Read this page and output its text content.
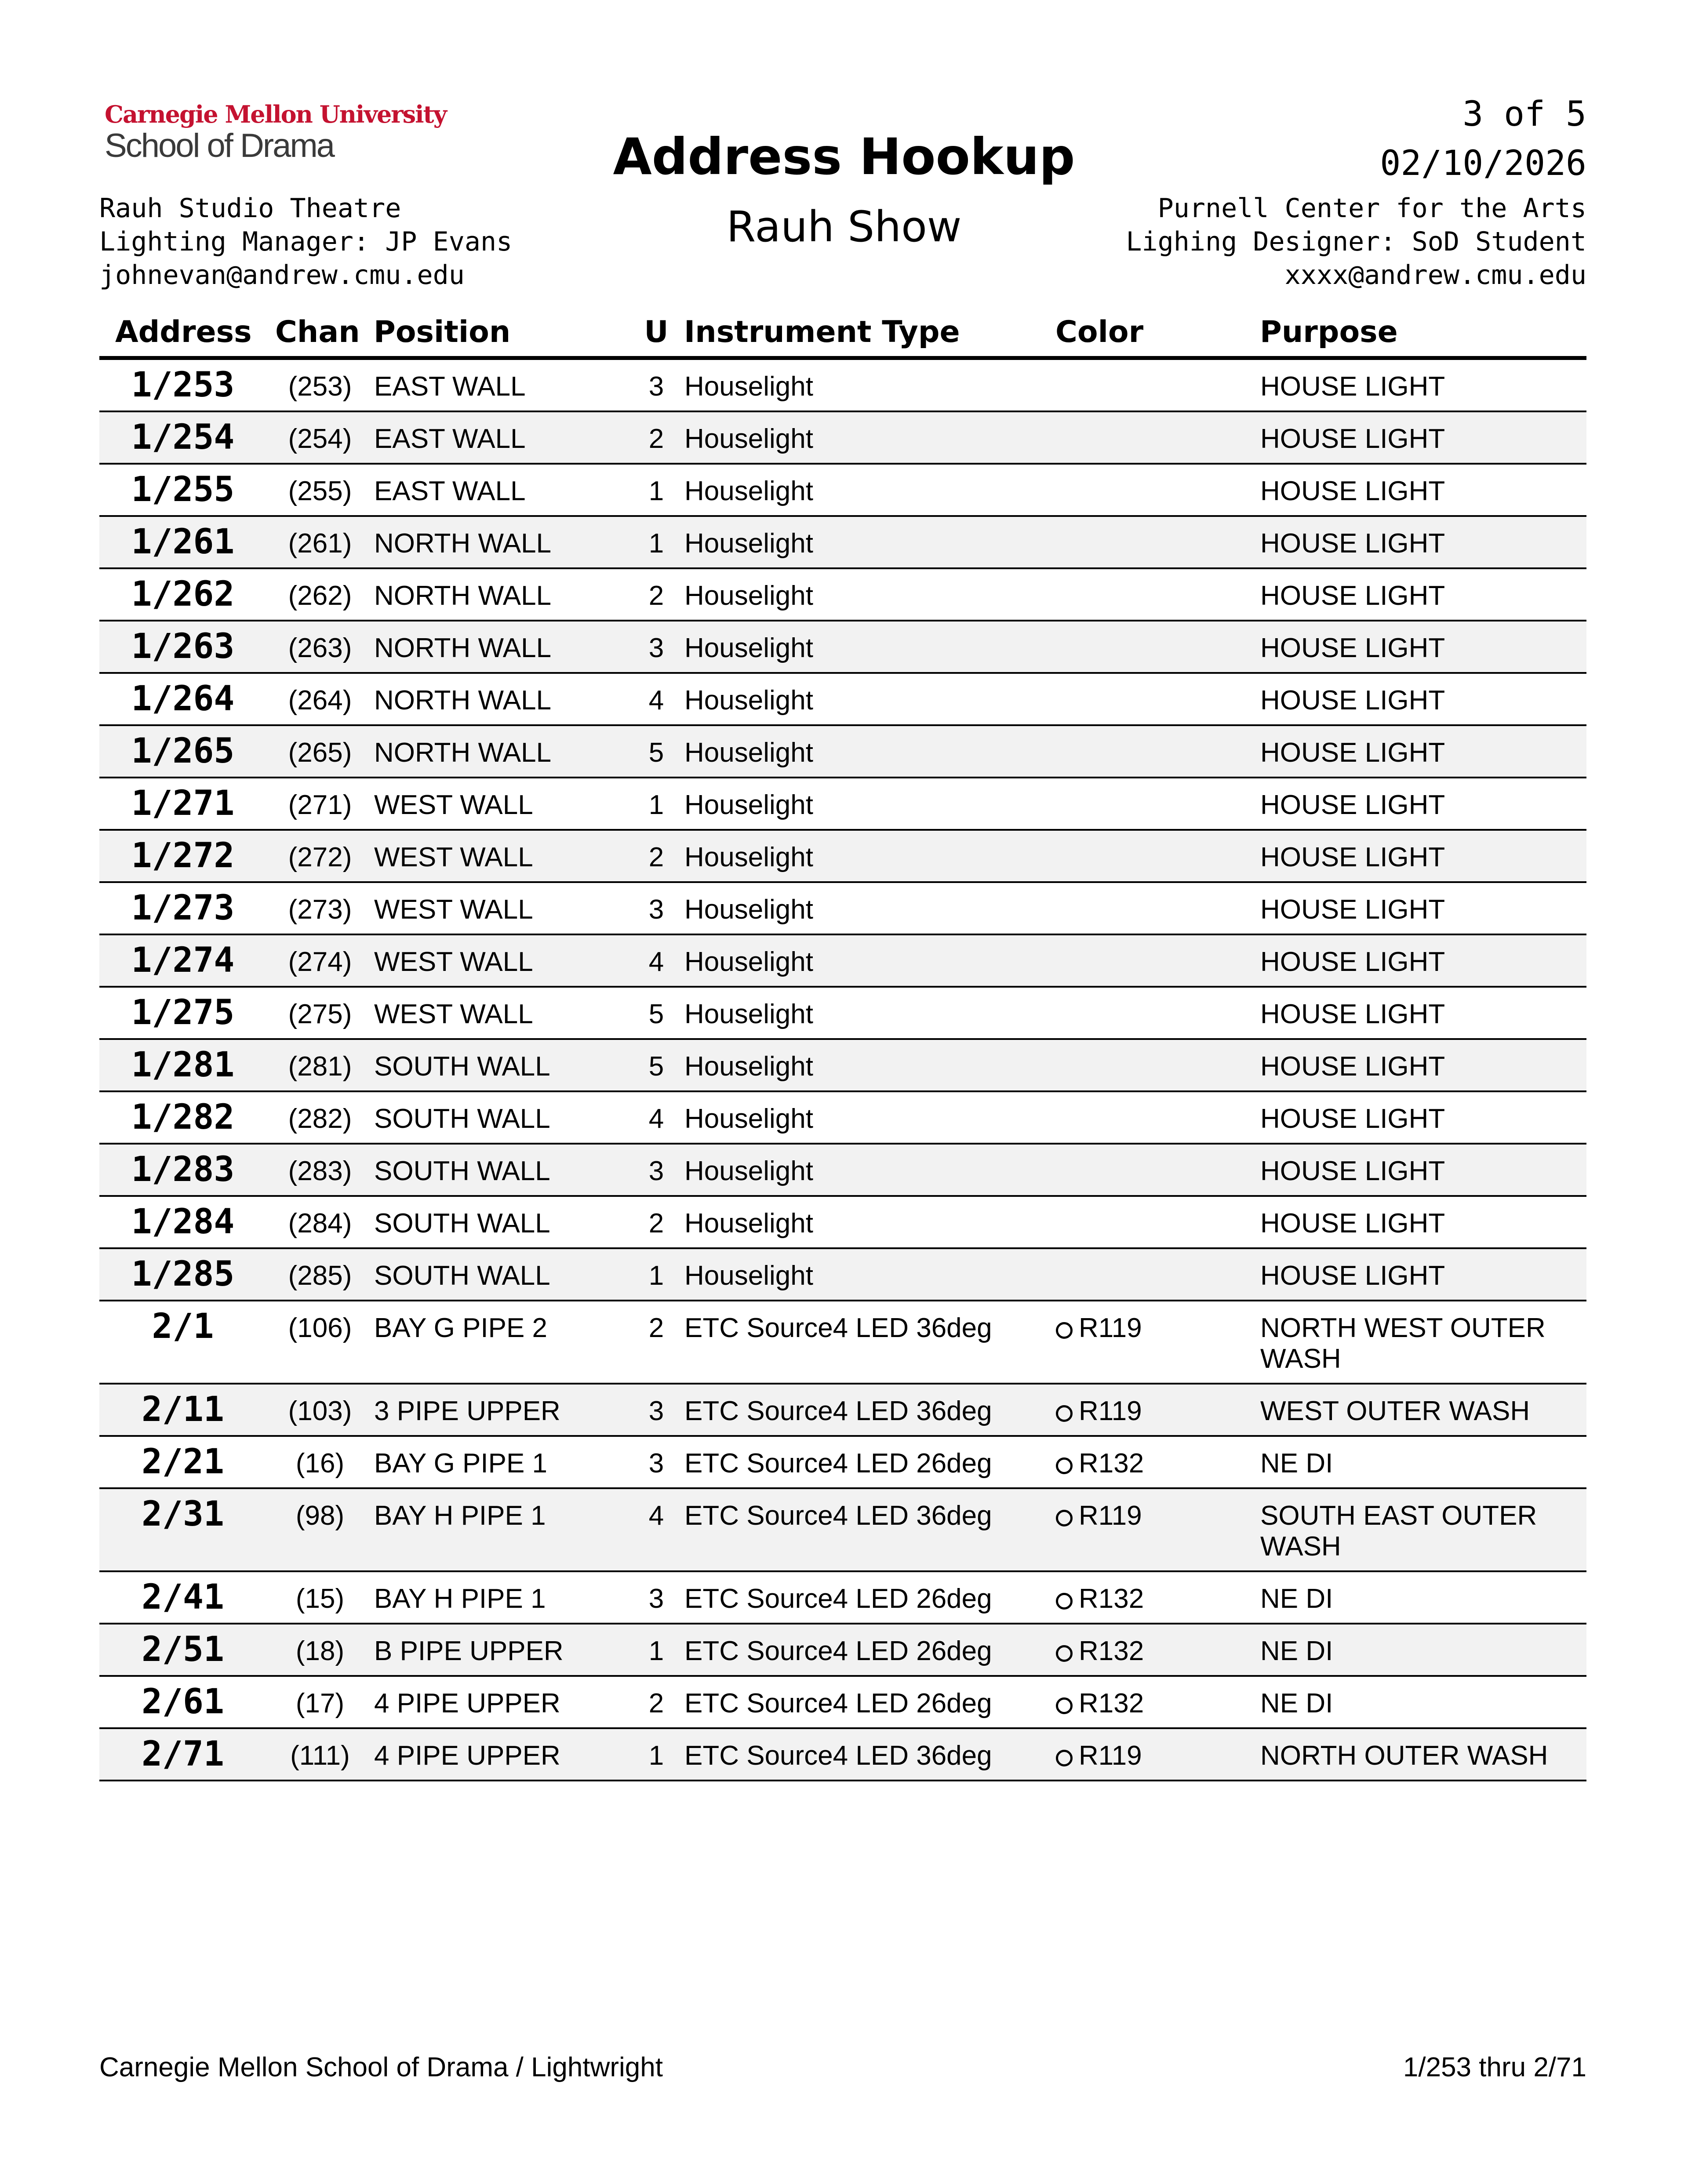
Carnegie Mellon University
School of Drama
Rauh Studio Theatre
Lighting Manager: JP Evans
johnevan@andrew.cmu.edu
Address Hookup
Rauh Show
3 of 5
02/10/2026
Purnell Center for the Arts
Lighing Designer: SoD Student
xxxx@andrew.cmu.edu
Address	Chan	Position	U	Instrument Type	Color	Purpose
1/253	(253)	EAST WALL	3	Houselight		HOUSE LIGHT
1/254	(254)	EAST WALL	2	Houselight		HOUSE LIGHT
1/255	(255)	EAST WALL	1	Houselight		HOUSE LIGHT
1/261	(261)	NORTH WALL	1	Houselight		HOUSE LIGHT
1/262	(262)	NORTH WALL	2	Houselight		HOUSE LIGHT
1/263	(263)	NORTH WALL	3	Houselight		HOUSE LIGHT
1/264	(264)	NORTH WALL	4	Houselight		HOUSE LIGHT
1/265	(265)	NORTH WALL	5	Houselight		HOUSE LIGHT
1/271	(271)	WEST WALL	1	Houselight		HOUSE LIGHT
1/272	(272)	WEST WALL	2	Houselight		HOUSE LIGHT
1/273	(273)	WEST WALL	3	Houselight		HOUSE LIGHT
1/274	(274)	WEST WALL	4	Houselight		HOUSE LIGHT
1/275	(275)	WEST WALL	5	Houselight		HOUSE LIGHT
1/281	(281)	SOUTH WALL	5	Houselight		HOUSE LIGHT
1/282	(282)	SOUTH WALL	4	Houselight		HOUSE LIGHT
1/283	(283)	SOUTH WALL	3	Houselight		HOUSE LIGHT
1/284	(284)	SOUTH WALL	2	Houselight		HOUSE LIGHT
1/285	(285)	SOUTH WALL	1	Houselight		HOUSE LIGHT
2/1	(106)	BAY G PIPE 2	2	ETC Source4 LED 36deg	R119	NORTH WEST OUTER WASH
2/11	(103)	3 PIPE UPPER	3	ETC Source4 LED 36deg	R119	WEST OUTER WASH
2/21	(16)	BAY G PIPE 1	3	ETC Source4 LED 26deg	R132	NE DI
2/31	(98)	BAY H PIPE 1	4	ETC Source4 LED 36deg	R119	SOUTH EAST OUTER WASH
2/41	(15)	BAY H PIPE 1	3	ETC Source4 LED 26deg	R132	NE DI
2/51	(18)	B PIPE UPPER	1	ETC Source4 LED 26deg	R132	NE DI
2/61	(17)	4 PIPE UPPER	2	ETC Source4 LED 26deg	R132	NE DI
2/71	(111)	4 PIPE UPPER	1	ETC Source4 LED 36deg	R119	NORTH OUTER WASH
Carnegie Mellon School of Drama / Lightwright	1/253 thru 2/71
